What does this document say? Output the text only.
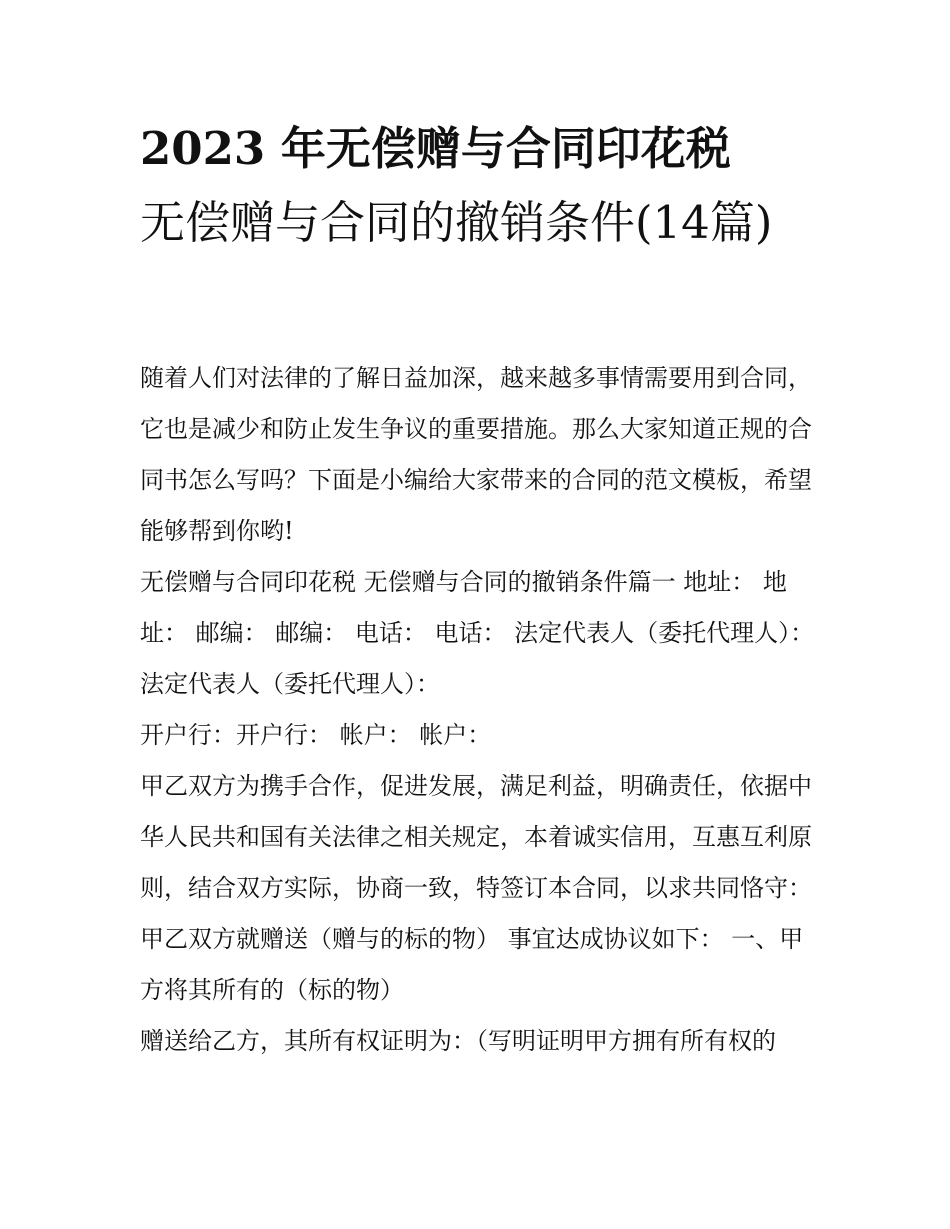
2023 年无偿赠与合同印花税
无偿赠与合同的撤销条件(14篇)

随着人们对法律的了解日益加深，越来越多事情需要用到合同，它也是减少和防止发生争议的重要措施。那么大家知道正规的合同书怎么写吗？下面是小编给大家带来的合同的范文模板，希望能够帮到你哟!

无偿赠与合同印花税 无偿赠与合同的撤销条件篇一 地址： 地址： 邮编： 邮编： 电话： 电话： 法定代表人（委托代理人）： 法定代表人（委托代理人）：

开户行：开户行： 帐户： 帐户：

甲乙双方为携手合作，促进发展，满足利益，明确责任，依据中华人民共和国有关法律之相关规定，本着诚实信用，互惠互利原则，结合双方实际，协商一致，特签订本合同，以求共同恪守：

甲乙双方就赠送（赠与的标的物） 事宜达成协议如下： 一、甲方将其所有的（标的物）

赠送给乙方，其所有权证明为：（写明证明甲方拥有所有权的
